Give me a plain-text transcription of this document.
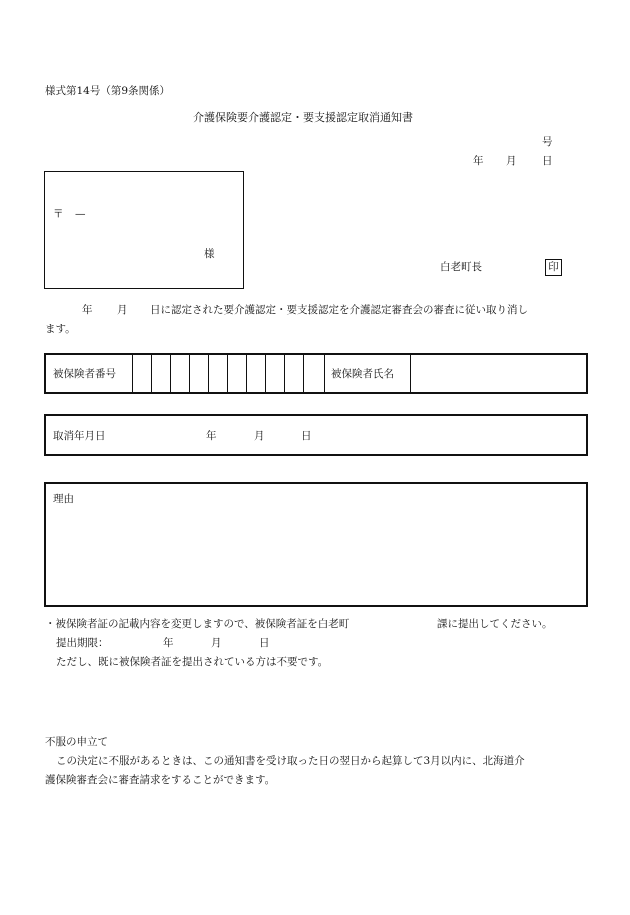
様式第14号（第9条関係）
介護保険要介護認定・要支援認定取消通知書
号
年 月 日
〒 —
様
白老町長	印
年 月 日に認定された要介護認定・要支援認定を介護認定審査会の審査に従い取り消し
ます。
被保険者番号	被保険者氏名
取消年月日	年	月	日
理由
・被保険者証の記載内容を変更しますので、被保険者証を白老町	課に提出してください。
提出期限：	年	月	日
ただし、既に被保険者証を提出されている方は不要です。
不服の申立て
この決定に不服があるときは、この通知書を受け取った日の翌日から起算して3月以内に、北海道介
護保険審査会に審査請求をすることができます。
